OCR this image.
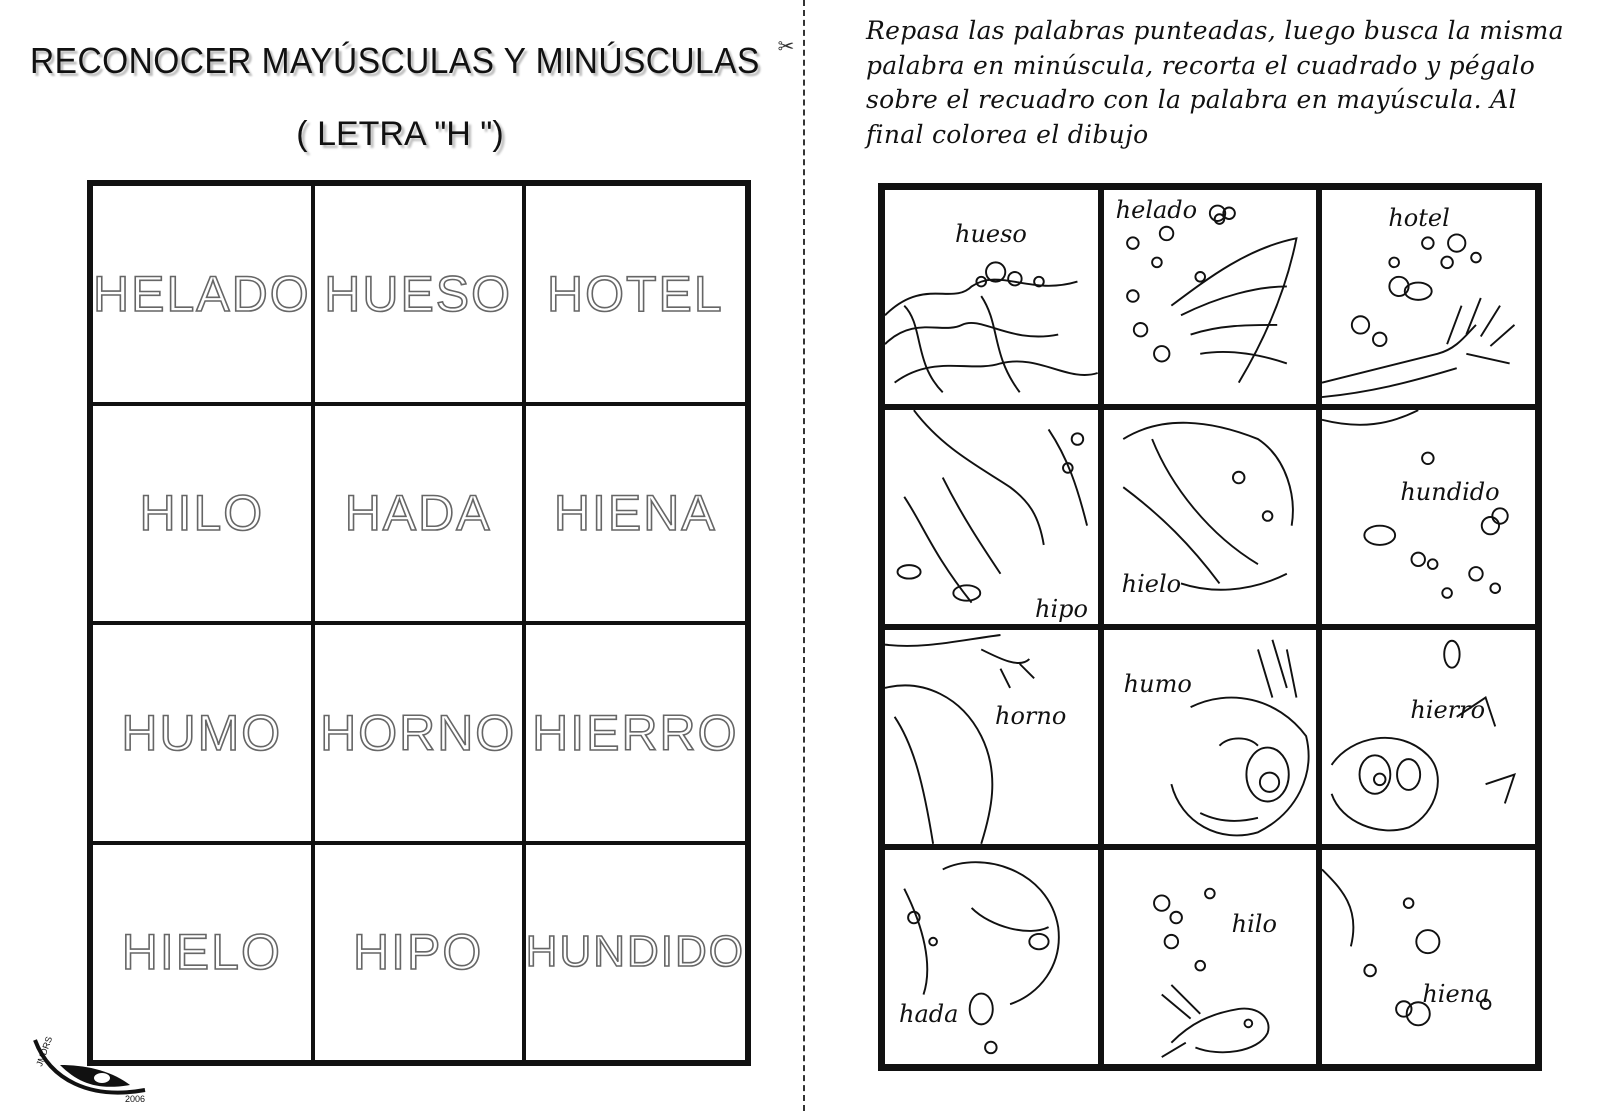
RECONOCER MAYÚSCULAS Y MINÚSCULAS
( LETRA "H ")
✂
Repasa las palabras punteadas, luego busca la misma palabra en minúscula, recorta el cuadrado y pégalo sobre el recuadro con la palabra en mayúscula. Al final colorea el dibujo
HELADO HUESO HOTEL
HILO HADA HIENA
HUMO HORNO HIERRO
HIELO HIPO HUNDIDO
hueso
helado	hotel
hipo
hielo
hundido
horno
humo
hierro
hada
hilo
hiena
JMDRS
2006
